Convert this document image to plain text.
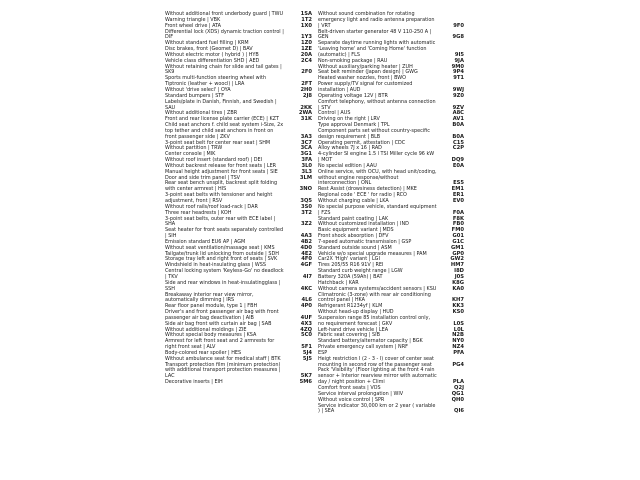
Without additional front underbody guard | TWU	1SA
Warning triangle | VBK	1T2
Front wheel drive | ATA	1X0
Differential lock (XDS) dynamic traction control | DIF	1Y3
Without standard fuel filling | KRM	1Z0
Disc brakes, front (Geomet D) | BAV	1ZE
Without electric motor ( hybrid ) | HYB	20A
Vehicle class differentiation SHD | AED	2C4
Without retaining chain for slide and tail gates | SK9	2F0
Sports multi-function steering wheel with Tiptronic (leather + woocl) | LRA	2FT
Without 'drive selecl' | OYA	2H0
Standard bumpers | STF	2J8
Labels/plate in Danish, Finnish, and Swedish | SAU	2KK
Without additional tires | ZBR	2WA
Front and rear license plate carrier (ECE) | KZT	31K
Child seat anchors f. child seat system i-Size, 2x top tether and child seat anchors in front on front passenger side | ZKV	3A3
3-point seat belt for center rear seat | SHM	3C7
Without partition | TRW	3CA
Center console | MIK	3G1
Without roof insert (standard roof) | DEI	3FA
Without backrest release for front seats | LER	3L0
Manual height adjustment for front seats | SIE	3L3
Door and side trim panel | TSV	3LM
Rear seat bench unsplit, backrest split folding with center armrest | HIS	3NO
3-point seat belts with tensioner and height adjustment, front | RSV	3Q5
Without roof rails/roof load-rack | DAR	3S0
Three rear headrests | KOH	3T2
3-point seat belts, outer rear with ECE label | SHA	3Z2
Seat heater for front seats separately controlled | SIH	4A3
Emission standard EU6 AP | AGM	4B2
Without seat ventilation/massage seat | KMS	4D0
Tailgate/trunk lid unlocking from outside | SDH	4E2
Storage tray left and right front of seats | SVK	4F0
Windshield in heat-insulating glass | WSS	4GF
Central locking system 'Keyless-Go' no deadlock | TKV	4I7
Side and rear windows in heat-insulatingglass | SSH	4KC
Breakaway interior rear view mirror, automatically dimming | IRS	4L6
Rear floor panel module, type 1 | FBH	4P0
Driver's and front passenger air bag with front passenger air bag deactivation | AIB	4UF
Side air bag front with curtain air bag | SAB	4X3
Without additional moldings | ZIE	4ZQ
Without special body measures | KSA	5C0
Armrest for left front seat and 2 armrests for right front seat | ALV	5F1
Body-colored rear spoiler | HES	5J4
Without ambulance seat for medical staff | BTK	5J5
Transport protection film (minimum protection) with additional transport protection measures | LAC	5K7
Decorative inserts | EIH	5M6
Without sound combination for rotating emergency light and radio antenna preparation | VRT	9F0
Belt-driven starter generator 48 V 110-250 A | GEN	9G8
Separate daytime running lights with automatic 'Leaving home' and 'Coming Home' function (automatic) | FLS	9I5
Non-smoking package | RAU	9JA
Without auxiliary/parking heater | ZUH	9M0
Seat belt reminder (Japan design) | GWG	9P4
Heated washer nozzles, front | BWO	9T1
Power supply/TV signal for customized installation | AUD	9WJ
Operating voltage 12V | BTR	9Z0
Comfort telephony, without antenna connection | STV	9ZV
Control | AUS	A8C
Driving on the right | LRV	AV1
Type approval Denmark | TPL	B0A
Component parts set without country-specific design requirement | BLB	B0A
Operating permit, attestation | CDC	C15
Alloy wheels 7J x 16 | RAD	C2P
4-cylinder SI engine 1.5 l TSI Miller cycle 96 kW | MOT	DQ9
No special edition | AAU	E0A
Online service, with OCU, with head unit/coding, without engine response/without interconnection | ONL	ES5
Rest Assist (drowsiness detection) | MKE	EM1
Regional code ' ECE ' for radio | RCO	ER1
Without charging cable | LKA	EV0
No special purpose vehicle, standard equipment | FZS	F0A
Standard paint coating | LAK	F8K
Without customized installation | IND	FB0
Basic equipment variant | MDS	FM0
Front shock absorption | DFV	G01
7-speed automatic transmission | GSP	G1C
Standard outside sound | ASM	GM1
Vehicle w/o special upgrade measures | PAM	GP0
Car2X 'High' variant | LGI	GW2
Tires 205/55 R16 91V | REI	HM7
Standard curb weight range | LGW	I8D
Battery 320A (59Ah) | BAT	J0S
Hatchback | KAR	K8G
Without camera systems/accident sensors | KSU	KA0
Climatronic (3-zone) with rear air conditioning control panel | HKA	KH7
Refrigerant R1234yf | KLM	KK3
Without head-up display | HUD	KS0
Suspension range 85 installation control only, no requirement forecast | GKV	L0S
Left-hand drive vehicle | LEA	L0L
Fabric seat covering | SIB	N2B
Standard battery/alternator capacity | BGK	NY0
Private emergency call system | NRF	NZ4
ESP	PFA
Heigt restriction I (2 - 3 - I) cover of center seat mounting in second row of the passenger seat	PG4
Pack 'Visibility' (Floor lighting at the front 4 rain sensor + Interior rearview mirror with automatic day / night position + Climi	PLA
Comfort front seats | VOS	Q2J
Service interval prolongation | WIV	QG1
Without voice control | SPR	QH0
Service indicator 30,000 km or 2 year ( variable ) | SEA	QI6
